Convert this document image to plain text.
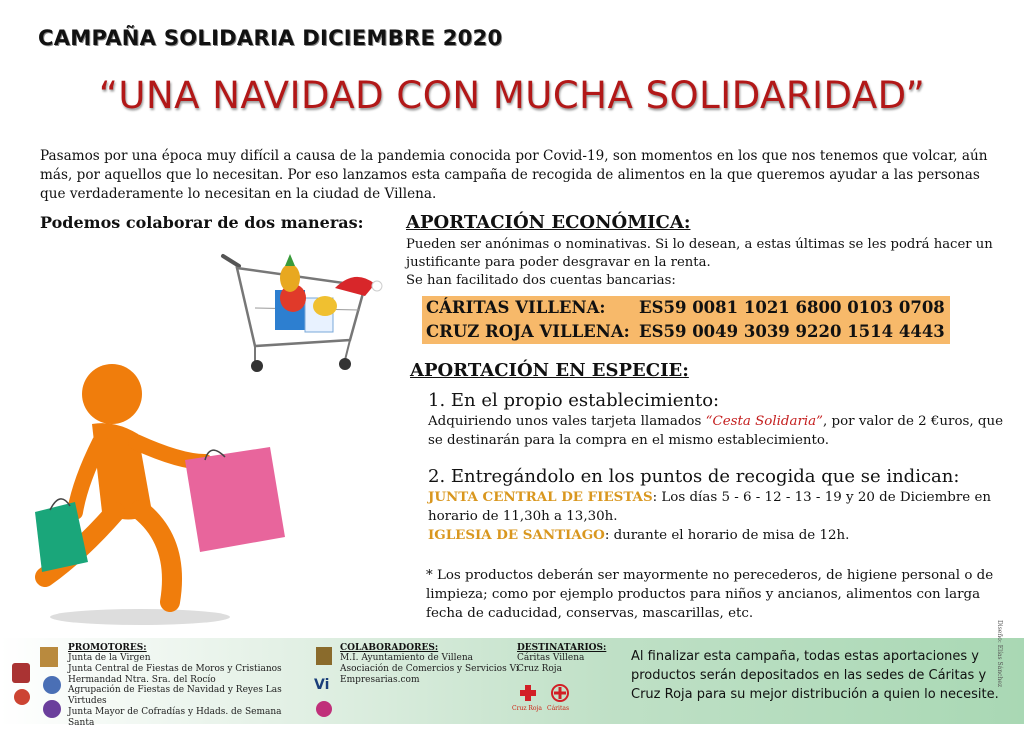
CAMPAÑA SOLIDARIA DICIEMBRE 2020
“UNA NAVIDAD CON MUCHA SOLIDARIDAD”
Pasamos por una época muy difícil a causa de la pandemia conocida por Covid-19, son momentos en los que nos tenemos que volcar, aún más, por aquellos que lo necesitan. Por eso lanzamos esta campaña de recogida de alimentos en la que queremos ayudar a las personas que verdaderamente lo necesitan en la ciudad de Villena.
Podemos colaborar de dos maneras: APORTACIÓN ECONÓMICA:
Pueden ser anónimas o nominativas. Si lo desean, a estas últimas se les podrá hacer un justificante para poder desgravar en la renta.
Se han facilitado dos cuentas bancarias:
CÁRITAS VILLENA: ES59 0081 1021 6800 0103 0708
CRUZ ROJA VILLENA: ES59 0049 3039 9220 1514 4443
APORTACIÓN EN ESPECIE:
1. En el propio establecimiento:
Adquiriendo unos vales tarjeta llamados “Cesta Solidaria”, por valor de 2 €uros, que se destinarán para la compra en el mismo establecimiento.
2. Entregándolo en los puntos de recogida que se indican:
JUNTA CENTRAL DE FIESTAS: Los días 5 - 6 - 12 - 13 - 19 y 20 de Diciembre en horario de 11,30h a 13,30h.
IGLESIA DE SANTIAGO: durante el horario de misa de 12h.
* Los productos deberán ser mayormente no perecederos, de higiene personal o de limpieza; como por ejemplo productos para niños y ancianos, alimentos con larga fecha de caducidad, conservas, mascarillas, etc.
PROMOTORES:
Junta de la Virgen
Junta Central de Fiestas de Moros y Cristianos
Hermandad Ntra. Sra. del Rocío
Agrupación de Fiestas de Navidad y Reyes Las Virtudes
Junta Mayor de Cofradías y Hdads. de Semana Santa
Vi
COLABORADORES:
M.I. Ayuntamiento de Villena
Asociación de Comercios y Servicios Vi
Empresarias.com
DESTINATARIOS:
Cáritas Villena
Cruz Roja
Cruz Roja Cáritas
Al finalizar esta campaña, todas estas aportaciones y productos serán depositados en las sedes de Cáritas y Cruz Roja para su mejor distribución a quien lo necesite.
Diseño: Elías Sánchez
